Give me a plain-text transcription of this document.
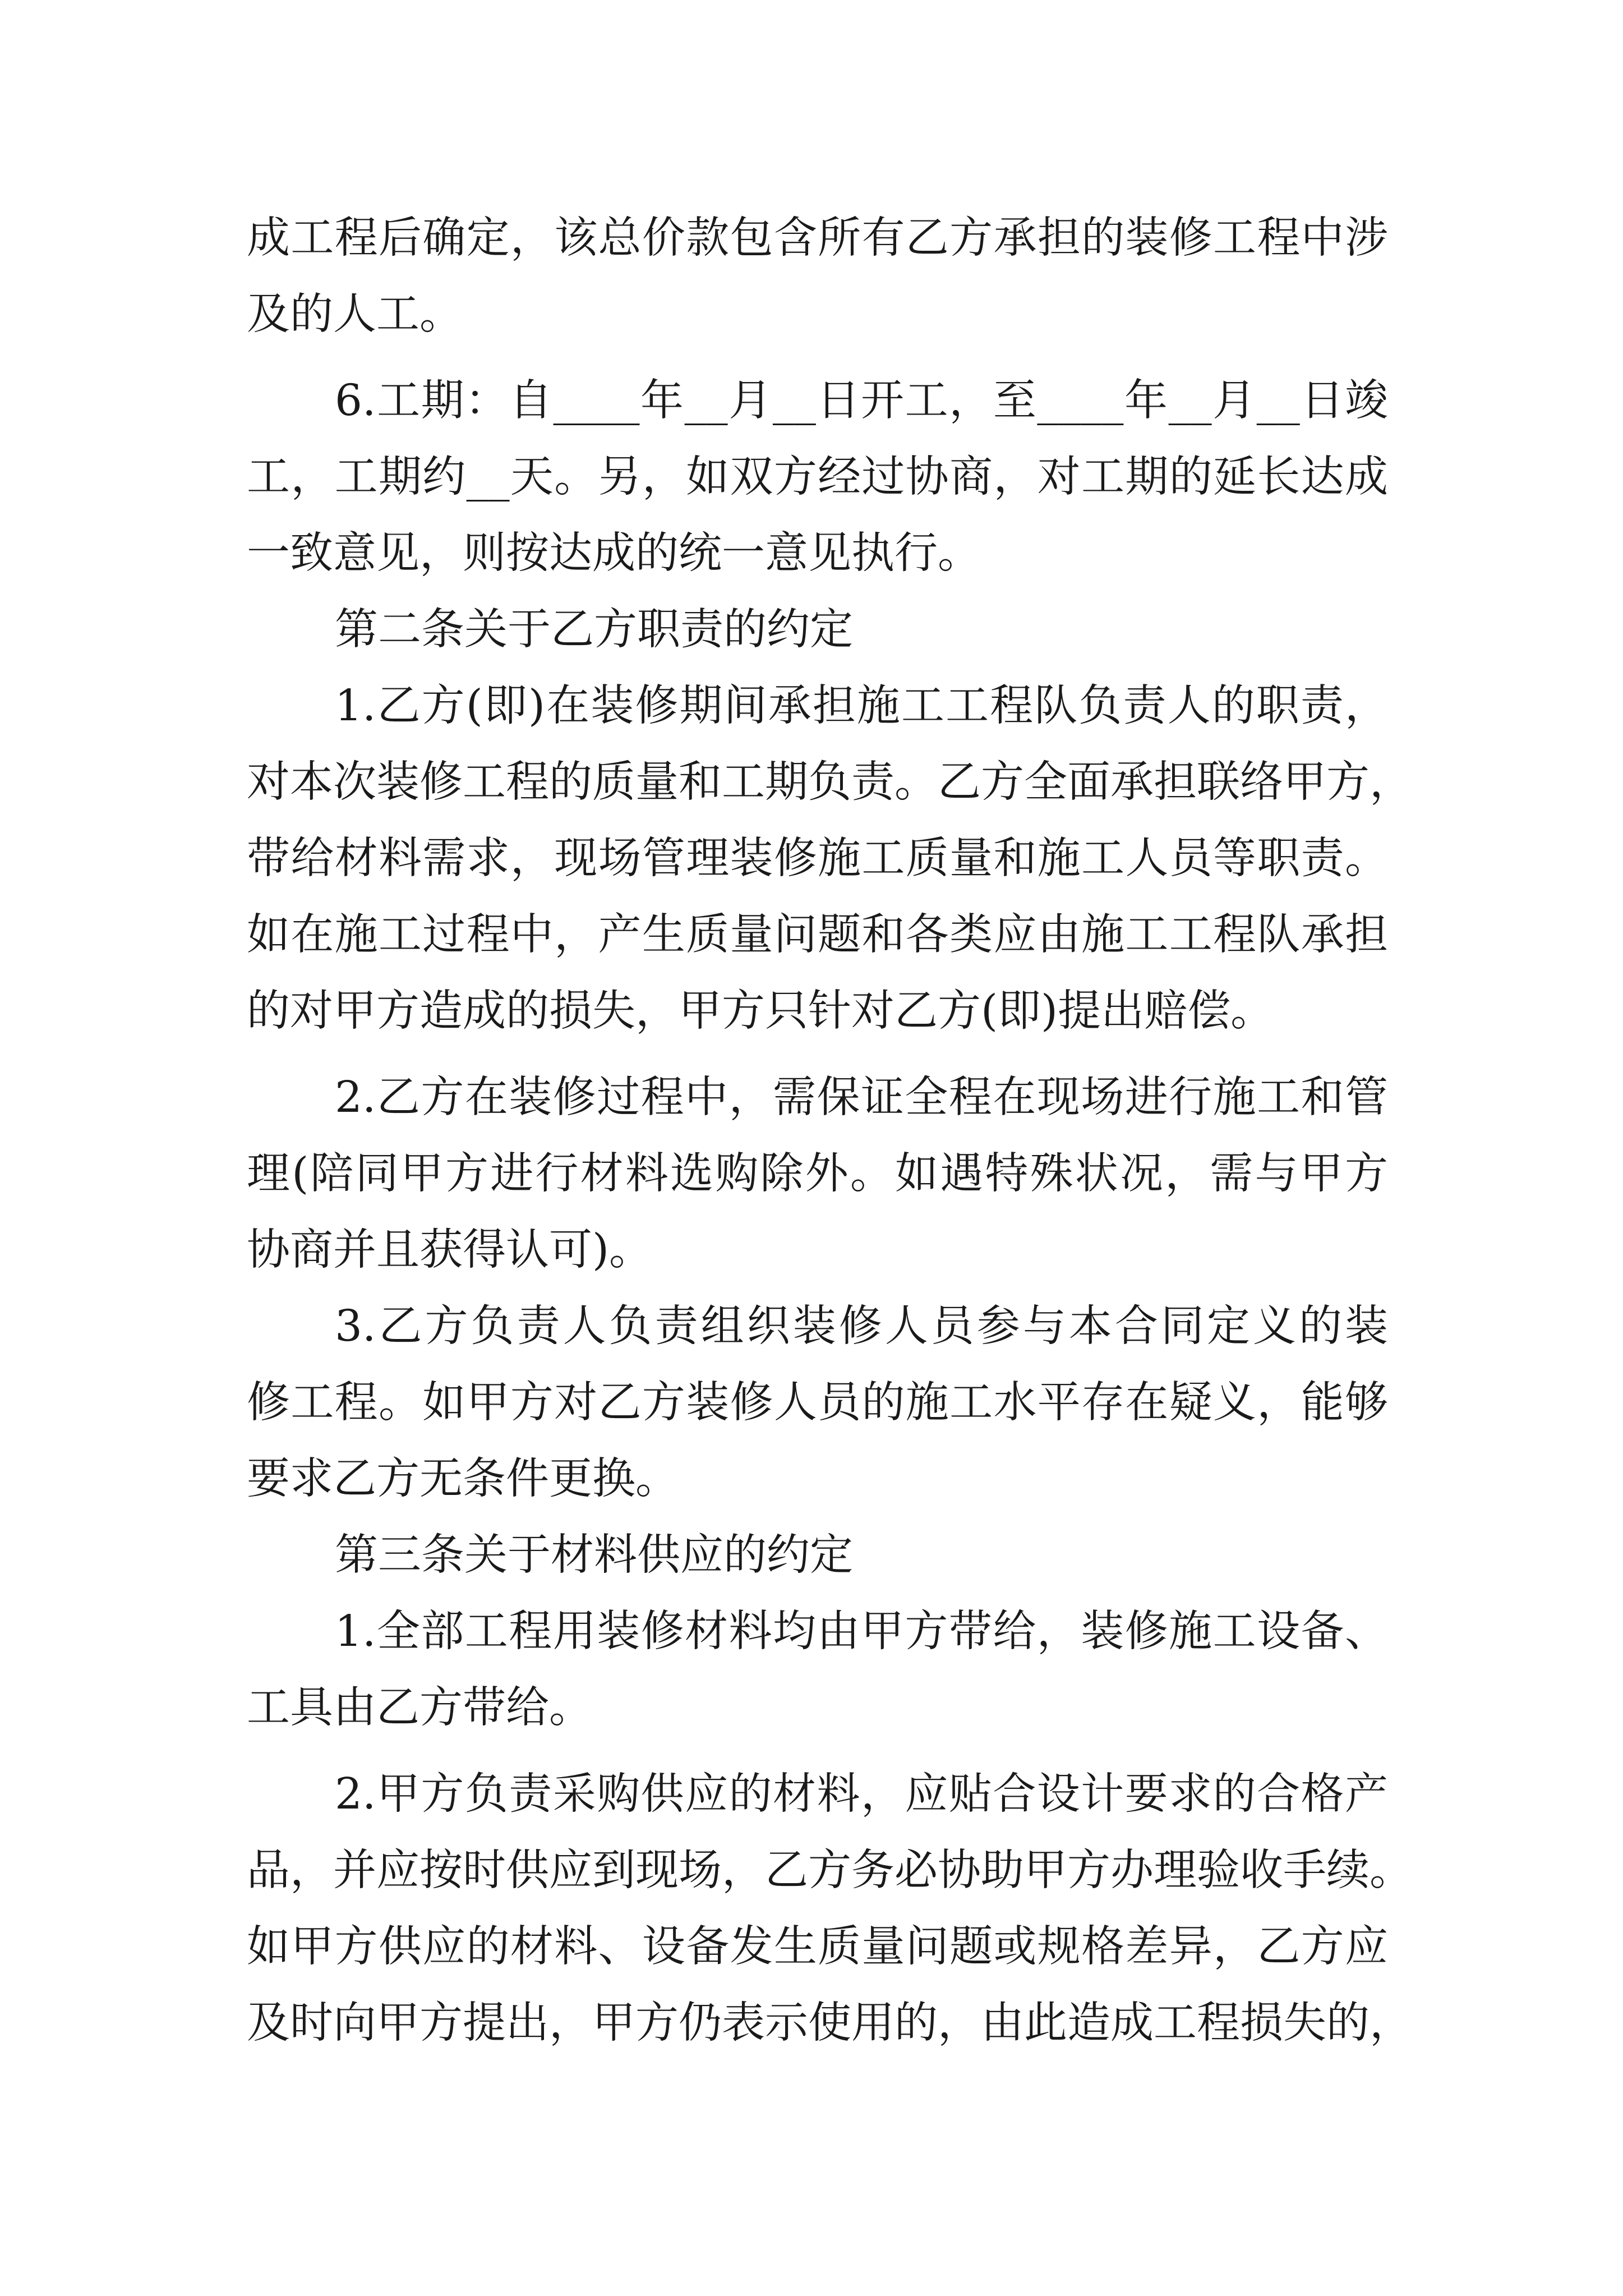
成工程后确定，该总价款包含所有乙方承担的装修工程中涉
及的人工。
6.工期：自____年__月__日开工，至____年__月__日竣
工，工期约__天。另，如双方经过协商，对工期的延长达成
一致意见，则按达成的统一意见执行。
第二条关于乙方职责的约定
1.乙方(即)在装修期间承担施工工程队负责人的职责，
对本次装修工程的质量和工期负责。乙方全面承担联络甲方，
带给材料需求，现场管理装修施工质量和施工人员等职责。
如在施工过程中，产生质量问题和各类应由施工工程队承担
的对甲方造成的损失，甲方只针对乙方(即)提出赔偿。
2.乙方在装修过程中，需保证全程在现场进行施工和管
理(陪同甲方进行材料选购除外。如遇特殊状况，需与甲方
协商并且获得认可)。
3.乙方负责人负责组织装修人员参与本合同定义的装
修工程。如甲方对乙方装修人员的施工水平存在疑义，能够
要求乙方无条件更换。
第三条关于材料供应的约定
1.全部工程用装修材料均由甲方带给，装修施工设备、
工具由乙方带给。
2.甲方负责采购供应的材料，应贴合设计要求的合格产
品，并应按时供应到现场，乙方务必协助甲方办理验收手续。
如甲方供应的材料、设备发生质量问题或规格差异，乙方应
及时向甲方提出，甲方仍表示使用的，由此造成工程损失的，
